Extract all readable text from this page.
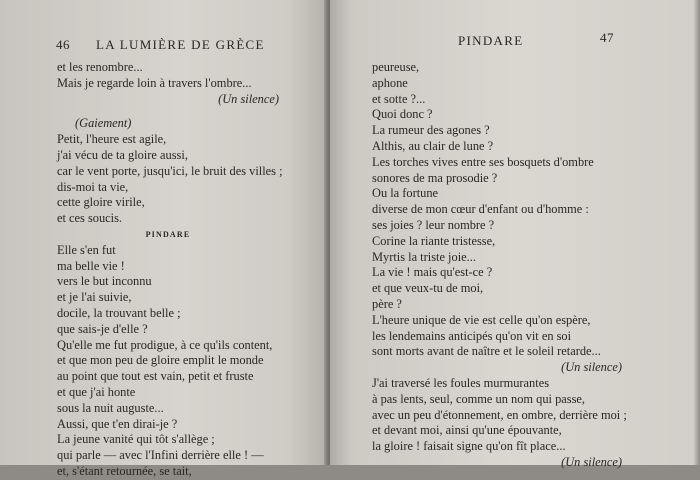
46 LA LUMIÈRE DE GRÈCE
et les renombre...
Mais je regarde loin à travers l'ombre...
(Un silence)
(Gaiement)
Petit, l'heure est agile,
j'ai vécu de ta gloire aussi,
car le vent porte, jusqu'ici, le bruit des villes ;
dis-moi ta vie,
cette gloire virile,
et ces soucis.
PINDARE
Elle s'en fut
ma belle vie !
vers le but inconnu
et je l'ai suivie,
docile, la trouvant belle ;
que sais-je d'elle ?
Qu'elle me fut prodigue, à ce qu'ils content,
et que mon peu de gloire emplit le monde
au point que tout est vain, petit et fruste
et que j'ai honte
sous la nuit auguste...
Aussi, que t'en dirai-je ?
La jeune vanité qui tôt s'allège ;
qui parle — avec l'Infini derrière elle ! —
et, s'étant retournée, se tait,
PINDARE	47
peureuse,
aphone
et sotte ?...
Quoi donc ?
La rumeur des agones ?
Althis, au clair de lune ?
Les torches vives entre ses bosquets d'ombre
sonores de ma prosodie ?
Ou la fortune
diverse de mon cœur d'enfant ou d'homme :
ses joies ? leur nombre ?
Corine la riante tristesse,
Myrtis la triste joie...
La vie ! mais qu'est-ce ?
et que veux-tu de moi,
père ?
L'heure unique de vie est celle qu'on espère,
les lendemains anticipés qu'on vit en soi
sont morts avant de naître et le soleil retarde...
(Un silence)
J'ai traversé les foules murmurantes
à pas lents, seul, comme un nom qui passe,
avec un peu d'étonnement, en ombre, derrière moi ;
et devant moi, ainsi qu'une épouvante,
la gloire ! faisait signe qu'on fît place...
(Un silence)
